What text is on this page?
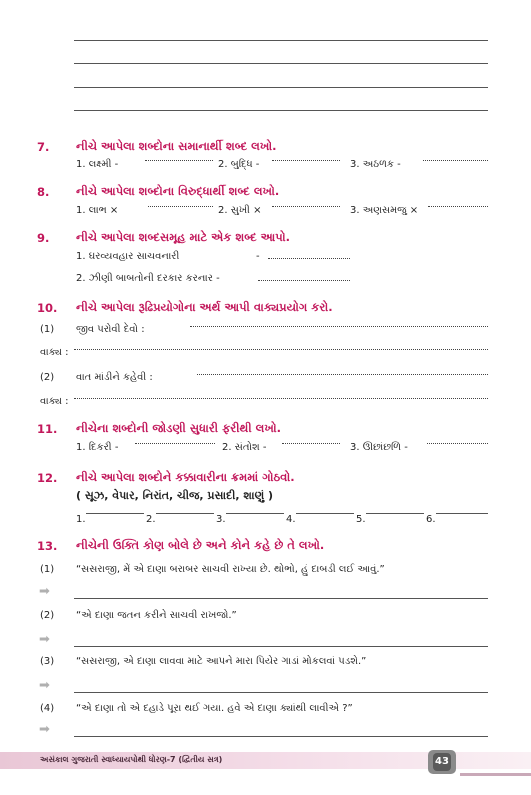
7. નીચે આપેલા શબ્દોના સમાનાર્થી શબ્દ લખો.
1. લક્ષ્મી -	2. બુદ્ધિ -	3. અઠળક -
8. નીચે આપેલા શબ્દોના વિરુદ્ધાર્થી શબ્દ લખો.
1. લાભ ×	2. સુખી ×	3. અણસમજુ ×
9. નીચે આપેલા શબ્દસમૂહ માટે એક શબ્દ આપો.
1. ઘરવ્યવહાર સાચવનારી	-
2. ઝીણી બાબતોની દરકાર કરનાર -
10. નીચે આપેલા રૂઢિપ્રયોગોના અર્થ આપી વાક્યપ્રયોગ કરો.
(1) જીવ પરોવી દેવો :
વાક્ય :
(2) વાત માંડીને કહેવી :
વાક્ય :
11. નીચેના શબ્દોની જોડણી સુધારી ફરીથી લખો.
1. દિકરી -	2. સંતોશ -	3. ઊછાંછળિ -
12. નીચે આપેલા શબ્દોને કક્કાવારીના ક્રમમાં ગોઠવો.
( સૂઝ, વેપાર, નિરાંત, ચીજ, પ્રસાદી, શાણું )
1.	2.	3.	4.	5.	6.
13. નીચેની ઉક્તિ કોણ બોલે છે અને કોને કહે છે તે લખો.
(1) “સસરાજી, મેં એ દાણા બરાબર સાચવી રાખ્યા છે. થોભો, હું દાબડી લઈ આવું.”
➡
(2) “એ દાણા જતન કરીને સાચવી રાખજો.”
➡
(3) “સસરાજી, એ દાણા લાવવા માટે આપને મારા પિયેર ગાડાં મોકલવાં પડશે.”
➡
(4) “એ દાણા તો એ દહાડે પૂરા થઈ ગયા. હવે એ દાણા ક્યાંથી લાવીએ ?”
➡
અસંકાલ ગુજરાતી સ્વાધ્યાયપોથી ધોરણ-7 (દ્વિતીય સત્ર)	43
